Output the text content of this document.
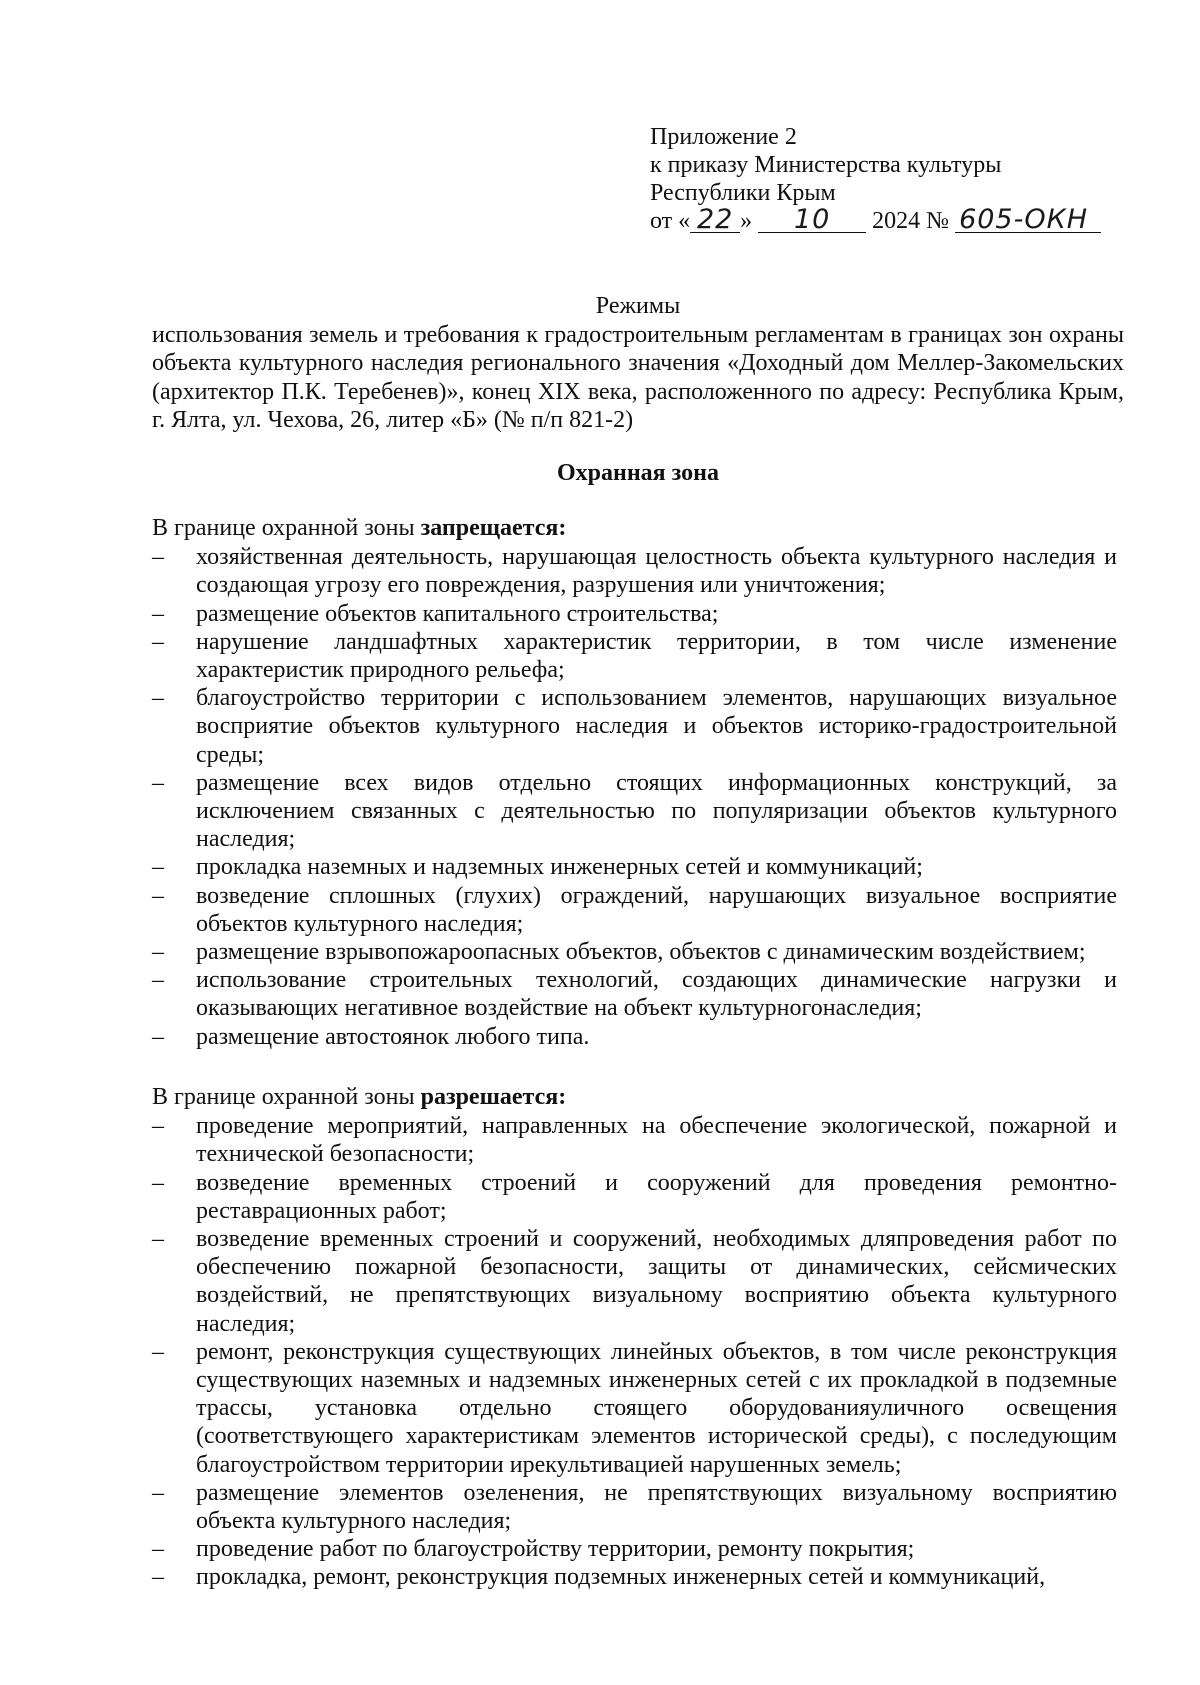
Приложение 2
к приказу Министерства культуры
Республики Крым
от « 22 » 10 2024 № 605-ОКН
Режимы
использования земель и требования к градостроительным регламентам в границах зон охраны объекта культурного наследия регионального значения «Доходный дом Меллер-Закомельских (архитектор П.К. Теребенев)», конец XIX века, расположенного по адресу: Республика Крым, г. Ялта, ул. Чехова, 26, литер «Б» (№ п/п 821-2)
Охранная зона
В границе охранной зоны запрещается:
– хозяйственная деятельность, нарушающая целостность объекта культурного наследия и создающая угрозу его повреждения, разрушения или уничтожения;
– размещение объектов капитального строительства;
– нарушение ландшафтных характеристик территории, в том числе изменение характеристик природного рельефа;
– благоустройство территории с использованием элементов, нарушающих визуальное восприятие объектов культурного наследия и объектов историко-градостроительной среды;
– размещение всех видов отдельно стоящих информационных конструкций, за исключением связанных с деятельностью по популяризации объектов культурного наследия;
– прокладка наземных и надземных инженерных сетей и коммуникаций;
– возведение сплошных (глухих) ограждений, нарушающих визуальное восприятие объектов культурного наследия;
– размещение взрывопожароопасных объектов, объектов с динамическим воздействием;
– использование строительных технологий, создающих динамические нагрузки и оказывающих негативное воздействие на объект культурногонаследия;
– размещение автостоянок любого типа.
В границе охранной зоны разрешается:
– проведение мероприятий, направленных на обеспечение экологической, пожарной и технической безопасности;
– возведение временных строений и сооружений для проведения ремонтно-реставрационных работ;
– возведение временных строений и сооружений, необходимых дляпроведения работ по обеспечению пожарной безопасности, защиты от динамических, сейсмических воздействий, не препятствующих визуальному восприятию объекта культурного наследия;
– ремонт, реконструкция существующих линейных объектов, в том числе реконструкция существующих наземных и надземных инженерных сетей с их прокладкой в подземные трассы, установка отдельно стоящего оборудованияуличного освещения (соответствующего характеристикам элементов исторической среды), с последующим благоустройством территории ирекультивацией нарушенных земель;
– размещение элементов озеленения, не препятствующих визуальному восприятию объекта культурного наследия;
– проведение работ по благоустройству территории, ремонту покрытия;
– прокладка, ремонт, реконструкция подземных инженерных сетей и коммуникаций,
